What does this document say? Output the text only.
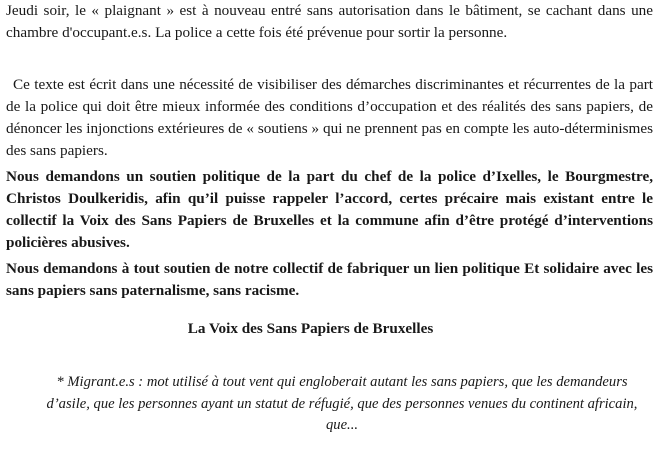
Jeudi soir, le « plaignant » est à nouveau entré sans autorisation dans le bâtiment, se cachant dans une chambre d'occupant.e.s. La police a cette fois été prévenue pour sortir la personne.

Ce texte est écrit dans une nécessité de visibiliser des démarches discriminantes et récurrentes de la part de la police qui doit être mieux informée des conditions d’occupation et des réalités des sans papiers, de dénoncer les injonctions extérieures de « soutiens » qui ne prennent pas en compte les auto-déterminismes des sans papiers.

Nous demandons un soutien politique de la part du chef de la police d’Ixelles, le Bourgmestre, Christos Doulkeridis, afin qu’il puisse rappeler l’accord, certes précaire mais existant entre le collectif la Voix des Sans Papiers de Bruxelles et la commune afin d’être protégé d’interventions policières abusives.

Nous demandons à tout soutien de notre collectif de fabriquer un lien politique Et solidaire avec les sans papiers sans paternalisme, sans racisme.

La Voix des Sans Papiers de Bruxelles

* Migrant.e.s : mot utilisé à tout vent qui engloberait autant les sans papiers, que les demandeurs d’asile, que les personnes ayant un statut de réfugié, que des personnes venues du continent africain, que...
